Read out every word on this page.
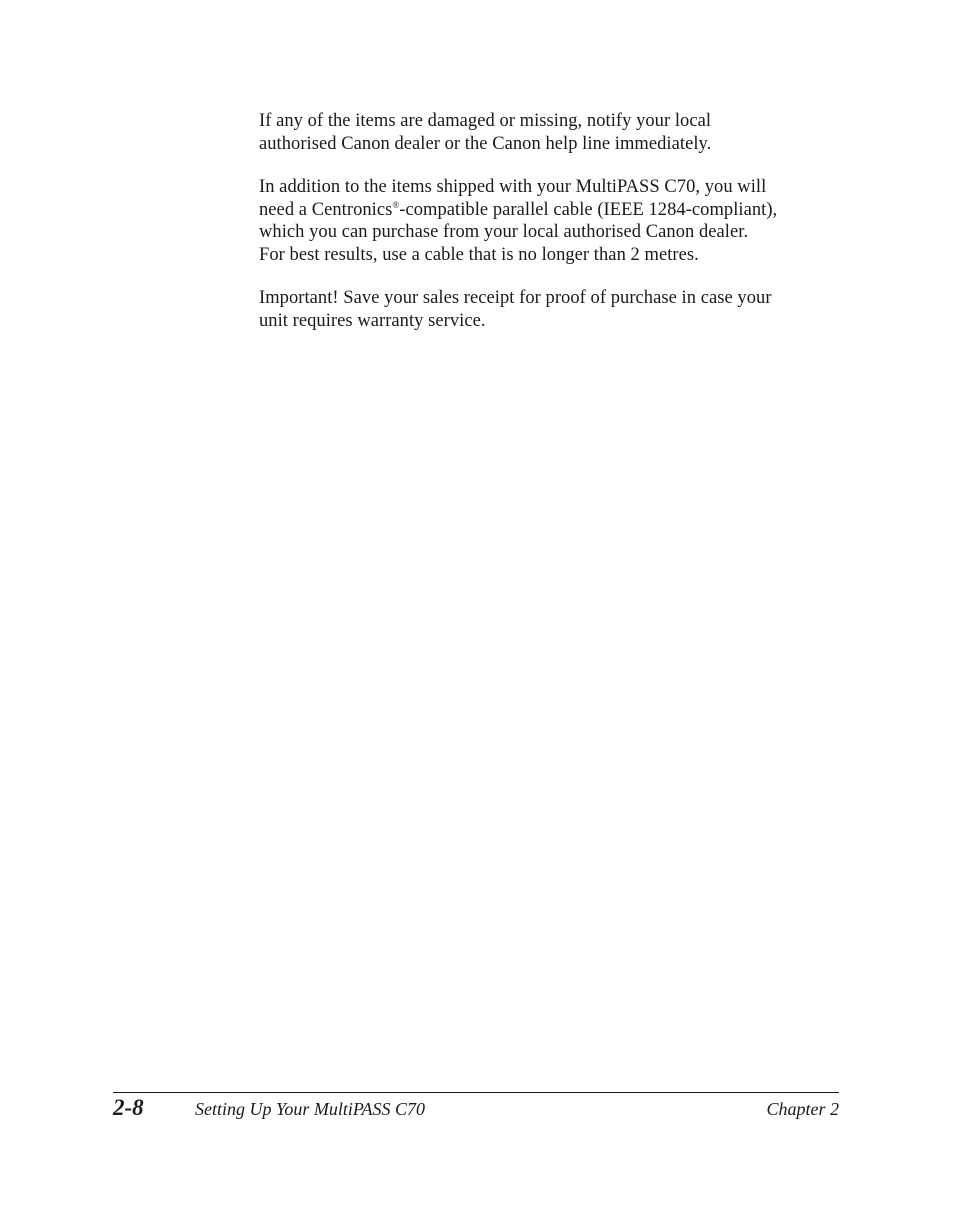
If any of the items are damaged or missing, notify your local
authorised Canon dealer or the Canon help line immediately.

In addition to the items shipped with your MultiPASS C70, you will
need a Centronics®-compatible parallel cable (IEEE 1284-compliant),
which you can purchase from your local authorised Canon dealer.
For best results, use a cable that is no longer than 2 metres.

Important! Save your sales receipt for proof of purchase in case your
unit requires warranty service.

2-8	Setting Up Your MultiPASS C70	Chapter 2
